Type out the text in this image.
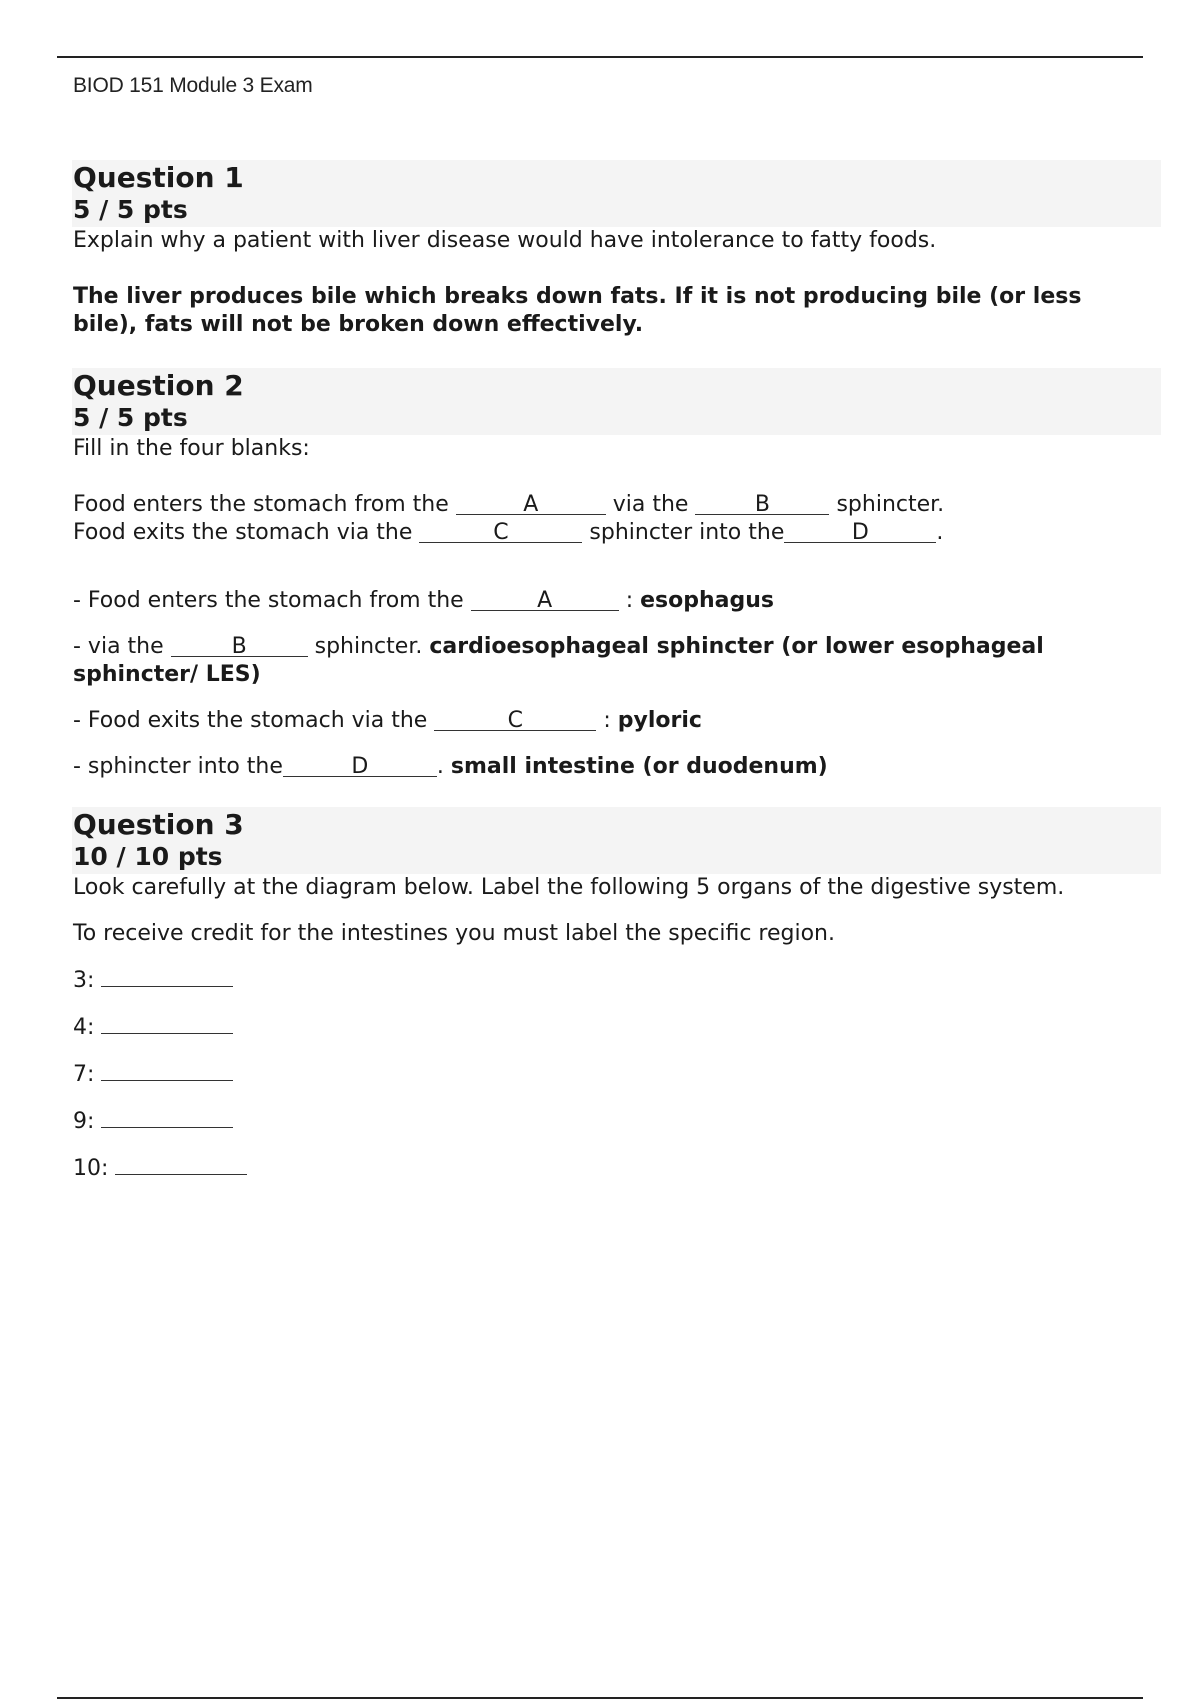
BIOD 151 Module 3 Exam
Question 1
5 / 5 pts

Explain why a patient with liver disease would have intolerance to fatty foods.

The liver produces bile which breaks down fats. If it is not producing bile (or less bile), fats will not be broken down effectively.

Question 2
5 / 5 pts

Fill in the four blanks:

Food enters the stomach from the	A	via the	B	sphincter.

Food exits the stomach via the	C	sphincter into the	D	.

- Food enters the stomach from the	A	: esophagus

- via the	B	sphincter. cardioesophageal sphincter (or lower esophageal sphincter/ LES)

- Food exits the stomach via the	C	: pyloric

- sphincter into the	D	. small intestine (or duodenum)

Question 3
10 / 10 pts

Look carefully at the diagram below. Label the following 5 organs of the digestive system.

To receive credit for the intestines you must label the specific region.

3:

4:

7:

9:

10:
